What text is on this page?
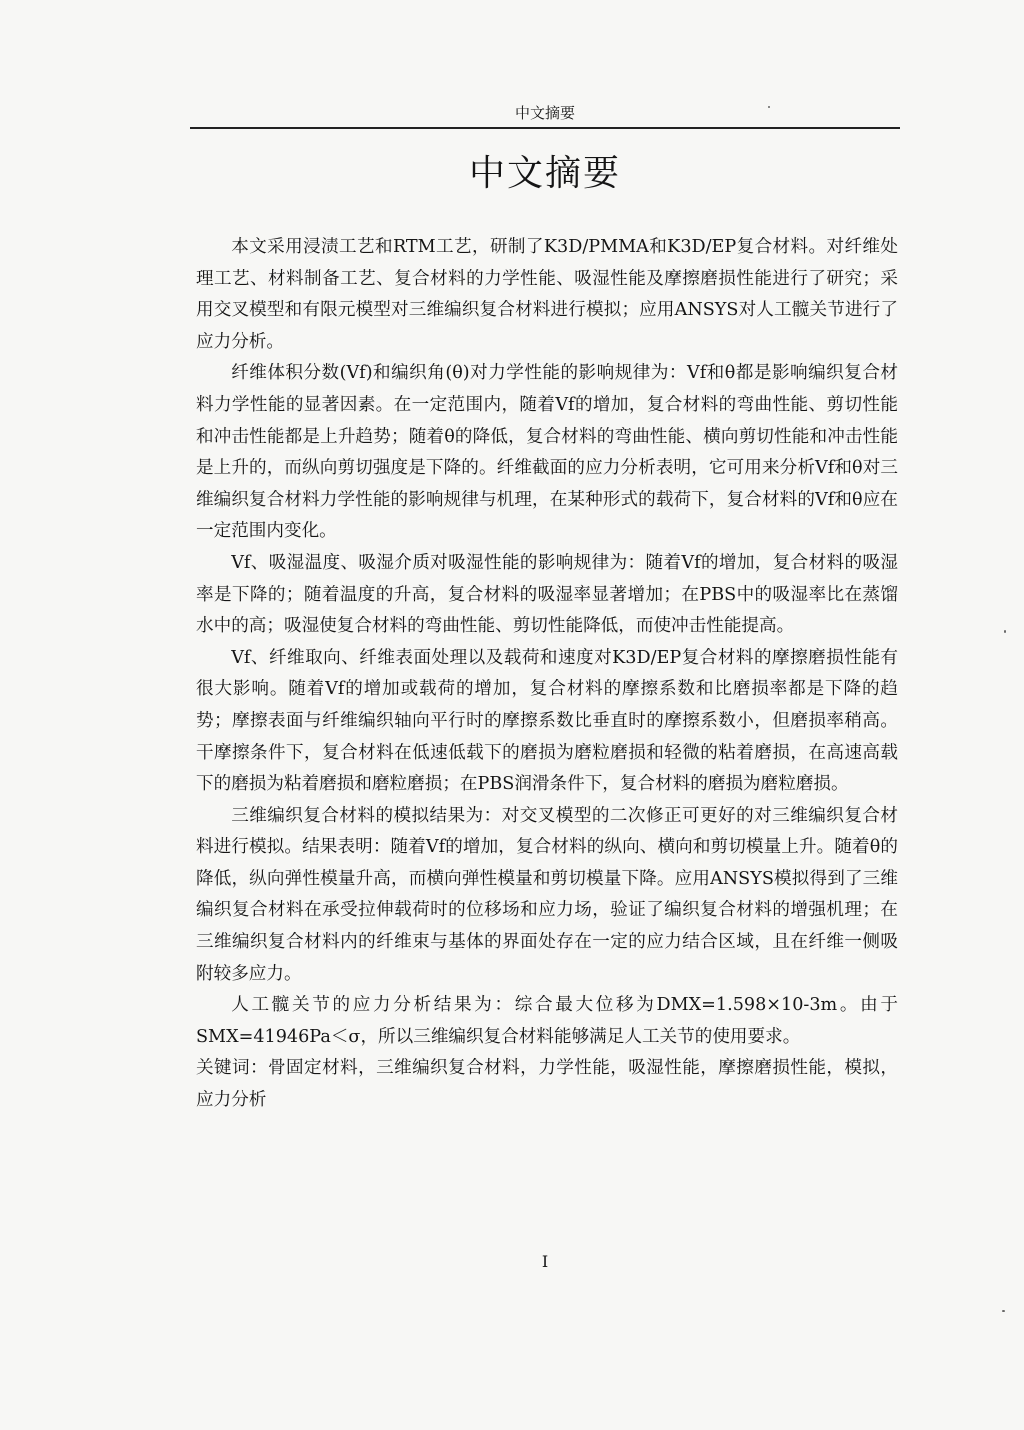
中文摘要
中文摘要

本文采用浸渍工艺和RTM工艺，研制了K3D/PMMA和K3D/EP复合材料。对纤维处理工艺、材料制备工艺、复合材料的力学性能、吸湿性能及摩擦磨损性能进行了研究；采用交叉模型和有限元模型对三维编织复合材料进行模拟；应用ANSYS对人工髋关节进行了应力分析。

纤维体积分数(Vf)和编织角(θ)对力学性能的影响规律为：Vf和θ都是影响编织复合材料力学性能的显著因素。在一定范围内，随着Vf的增加，复合材料的弯曲性能、剪切性能和冲击性能都是上升趋势；随着θ的降低，复合材料的弯曲性能、横向剪切性能和冲击性能是上升的，而纵向剪切强度是下降的。纤维截面的应力分析表明，它可用来分析Vf和θ对三维编织复合材料力学性能的影响规律与机理，在某种形式的载荷下，复合材料的Vf和θ应在一定范围内变化。

Vf、吸湿温度、吸湿介质对吸湿性能的影响规律为：随着Vf的增加，复合材料的吸湿率是下降的；随着温度的升高，复合材料的吸湿率显著增加；在PBS中的吸湿率比在蒸馏水中的高；吸湿使复合材料的弯曲性能、剪切性能降低，而使冲击性能提高。

Vf、纤维取向、纤维表面处理以及载荷和速度对K3D/EP复合材料的摩擦磨损性能有很大影响。随着Vf的增加或载荷的增加，复合材料的摩擦系数和比磨损率都是下降的趋势；摩擦表面与纤维编织轴向平行时的摩擦系数比垂直时的摩擦系数小，但磨损率稍高。干摩擦条件下，复合材料在低速低载下的磨损为磨粒磨损和轻微的粘着磨损，在高速高载下的磨损为粘着磨损和磨粒磨损；在PBS润滑条件下，复合材料的磨损为磨粒磨损。

三维编织复合材料的模拟结果为：对交叉模型的二次修正可更好的对三维编织复合材料进行模拟。结果表明：随着Vf的增加，复合材料的纵向、横向和剪切模量上升。随着θ的降低，纵向弹性模量升高，而横向弹性模量和剪切模量下降。应用ANSYS模拟得到了三维编织复合材料在承受拉伸载荷时的位移场和应力场，验证了编织复合材料的增强机理；在三维编织复合材料内的纤维束与基体的界面处存在一定的应力结合区域，且在纤维一侧吸附较多应力。

人工髋关节的应力分析结果为：综合最大位移为DMX=1.598×10-3m。由于SMX=41946Pa＜σ，所以三维编织复合材料能够满足人工关节的使用要求。

关键词：骨固定材料，三维编织复合材料，力学性能，吸湿性能，摩擦磨损性能，模拟，应力分析

I
